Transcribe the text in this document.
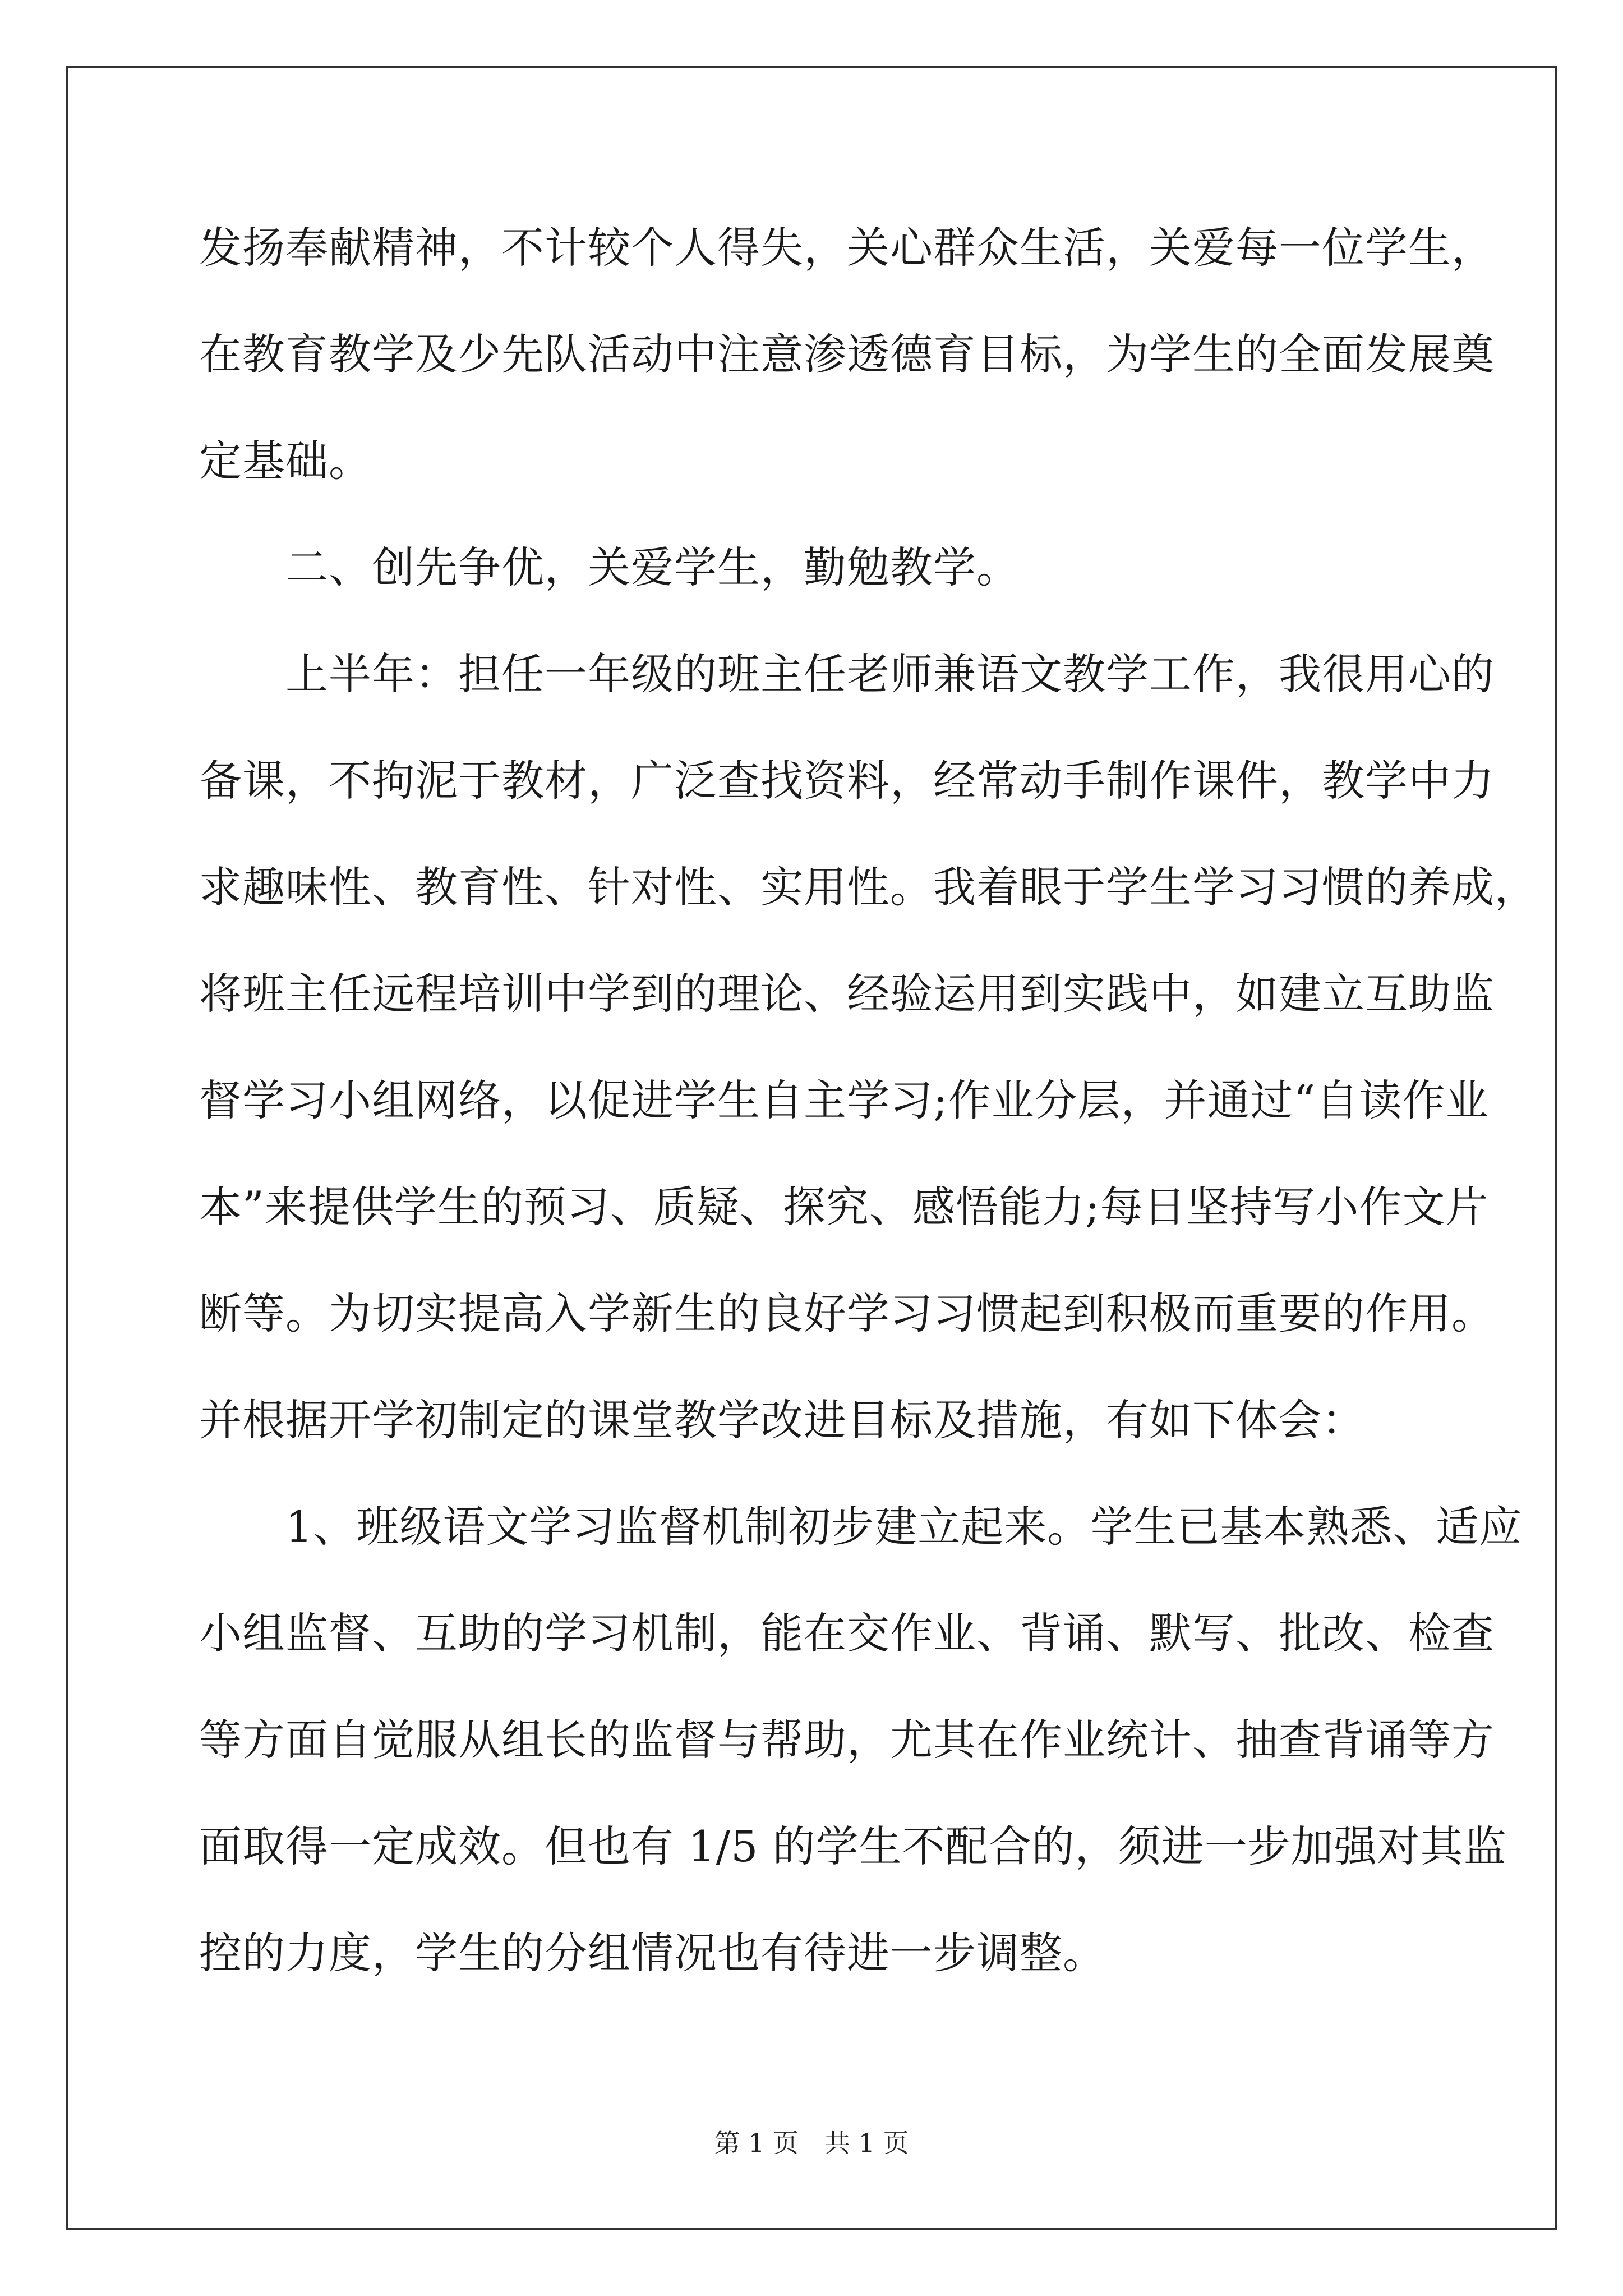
发扬奉献精神，不计较个人得失，关心群众生活，关爱每一位学生，
在教育教学及少先队活动中注意渗透德育目标，为学生的全面发展奠
定基础。
　　二、创先争优，关爱学生，勤勉教学。
　　上半年：担任一年级的班主任老师兼语文教学工作，我很用心的
备课，不拘泥于教材，广泛查找资料，经常动手制作课件，教学中力
求趣味性、教育性、针对性、实用性。我着眼于学生学习习惯的养成，
将班主任远程培训中学到的理论、经验运用到实践中，如建立互助监
督学习小组网络，以促进学生自主学习;作业分层，并通过“自读作业
本”来提供学生的预习、质疑、探究、感悟能力;每日坚持写小作文片
断等。为切实提高入学新生的良好学习习惯起到积极而重要的作用。
并根据开学初制定的课堂教学改进目标及措施，有如下体会：
　　1、班级语文学习监督机制初步建立起来。学生已基本熟悉、适应
小组监督、互助的学习机制，能在交作业、背诵、默写、批改、检查
等方面自觉服从组长的监督与帮助，尤其在作业统计、抽查背诵等方
面取得一定成效。但也有 1/5 的学生不配合的，须进一步加强对其监
控的力度，学生的分组情况也有待进一步调整。
第 1 页　共 1 页
